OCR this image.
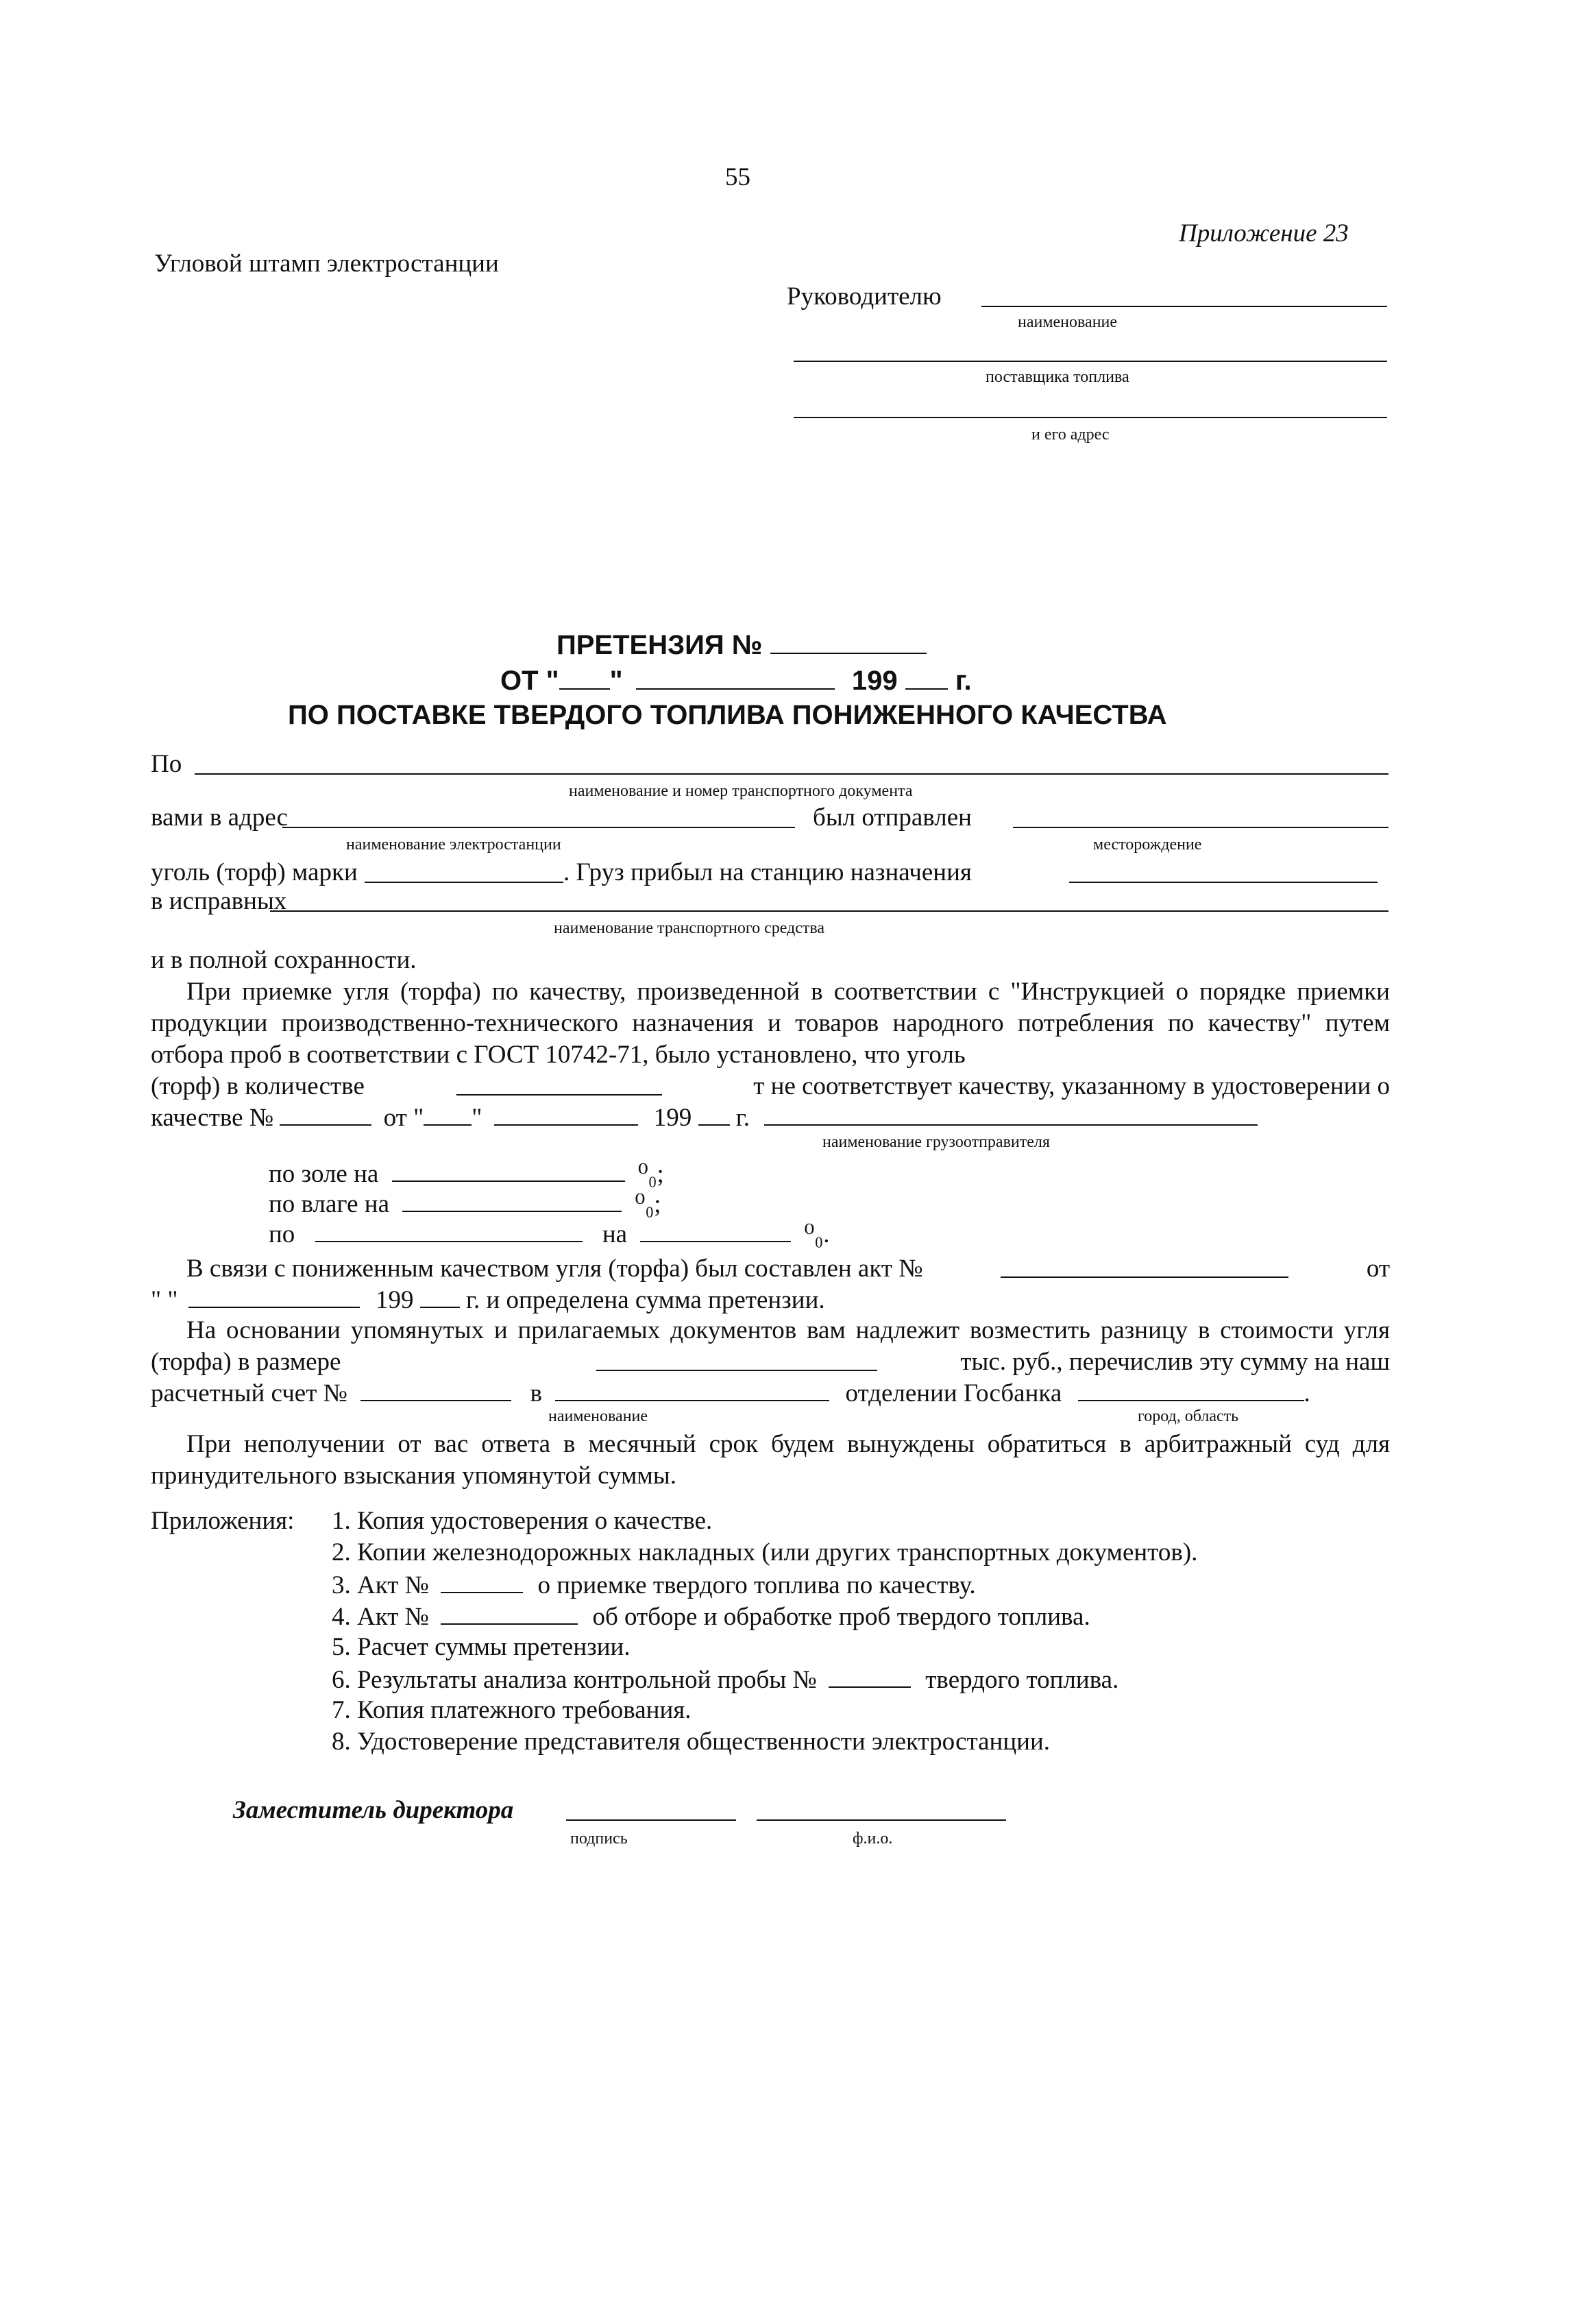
55
Приложение 23
Угловой штамп электростанции
Руководителю
наименование
поставщика топлива
и его адрес
ПРЕТЕНЗИЯ №
ОТ " "	199 г.
ПО ПОСТАВКЕ ТВЕРДОГО ТОПЛИВА ПОНИЖЕННОГО КАЧЕСТВА
По
наименование и номер транспортного документа
вами в адрес	был отправлен
наименование электростанции	месторождение
уголь (торф) марки	. Груз прибыл на станцию назначения
в исправных
наименование транспортного средства
и в полной сохранности.
При приемке угля (торфа) по качеству, произведенной в соответствии с "Инструкцией о порядке приемки продукции производственно-технического назначения и товаров народного потребления по качеству" путем отбора проб в соответствии с ГОСТ 10742-71, было установлено, что уголь
(торф) в количестве	т не соответствует качеству, указанному в удостоверении о
качестве №	от " "	199 г.
наименование грузоотправителя
по золе на	⁰₀;
по влаге на	⁰₀;
по	на	⁰₀.
В связи с пониженным качеством угля (торфа) был составлен акт №	от
" "	199 г. и определена сумма претензии.
На основании упомянутых и прилагаемых документов вам надлежит возместить разницу в стоимости угля (торфа) в размере	тыс. руб., перечислив эту сумму на наш
расчетный счет №	в	отделении Госбанка	.
наименование	город, область
При неполучении от вас ответа в месячный срок будем вынуждены обратиться в арбитражный суд для принудительного взыскания упомянутой суммы.
Приложения: 1. Копия удостоверения о качестве.
2. Копии железнодорожных накладных (или других транспортных документов).
3. Акт №	о приемке твердого топлива по качеству.
4. Акт №	об отборе и обработке проб твердого топлива.
5. Расчет суммы претензии.
6. Результаты анализа контрольной пробы №	твердого топлива.
7. Копия платежного требования.
8. Удостоверение представителя общественности электростанции.
Заместитель директора
подпись	ф.и.о.
